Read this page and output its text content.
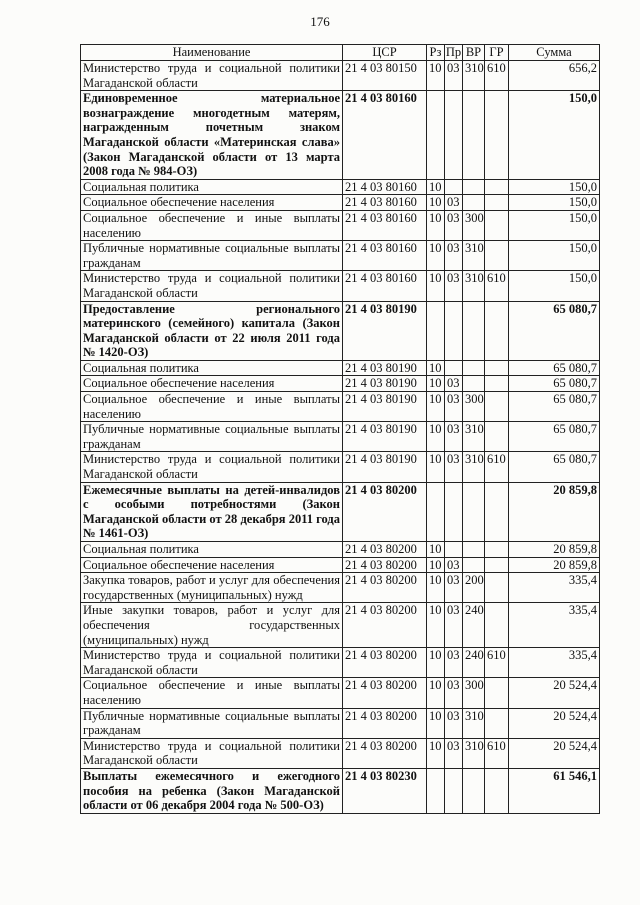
176
Наименование	ЦСР	Рз	Пр	ВР	ГР	Сумма
Министерство труда и социальной политики Магаданской области	21 4 03 80150	10	03	310	610	656,2
Единовременное материальное вознаграждение многодетным матерям, награжденным почетным знаком Магаданской области «Материнская слава» (Закон Магаданской области от 13 марта 2008 года № 984-ОЗ)	21 4 03 80160					150,0
Социальная политика	21 4 03 80160	10				150,0
Социальное обеспечение населения	21 4 03 80160	10	03			150,0
Социальное обеспечение и иные выплаты населению	21 4 03 80160	10	03	300		150,0
Публичные нормативные социальные выплаты гражданам	21 4 03 80160	10	03	310		150,0
Министерство труда и социальной политики Магаданской области	21 4 03 80160	10	03	310	610	150,0
Предоставление регионального материнского (семейного) капитала (Закон Магаданской области от 22 июля 2011 года № 1420-ОЗ)	21 4 03 80190					65 080,7
Социальная политика	21 4 03 80190	10				65 080,7
Социальное обеспечение населения	21 4 03 80190	10	03			65 080,7
Социальное обеспечение и иные выплаты населению	21 4 03 80190	10	03	300		65 080,7
Публичные нормативные социальные выплаты гражданам	21 4 03 80190	10	03	310		65 080,7
Министерство труда и социальной политики Магаданской области	21 4 03 80190	10	03	310	610	65 080,7
Ежемесячные выплаты на детей-инвалидов с особыми потребностями (Закон Магаданской области от 28 декабря 2011 года № 1461-ОЗ)	21 4 03 80200					20 859,8
Социальная политика	21 4 03 80200	10				20 859,8
Социальное обеспечение населения	21 4 03 80200	10	03			20 859,8
Закупка товаров, работ и услуг для обеспечения государственных (муниципальных) нужд	21 4 03 80200	10	03	200		335,4
Иные закупки товаров, работ и услуг для обеспечения государственных (муниципальных) нужд	21 4 03 80200	10	03	240		335,4
Министерство труда и социальной политики Магаданской области	21 4 03 80200	10	03	240	610	335,4
Социальное обеспечение и иные выплаты населению	21 4 03 80200	10	03	300		20 524,4
Публичные нормативные социальные выплаты гражданам	21 4 03 80200	10	03	310		20 524,4
Министерство труда и социальной политики Магаданской области	21 4 03 80200	10	03	310	610	20 524,4
Выплаты ежемесячного и ежегодного пособия на ребенка (Закон Магаданской области от 06 декабря 2004 года № 500-ОЗ)	21 4 03 80230					61 546,1
